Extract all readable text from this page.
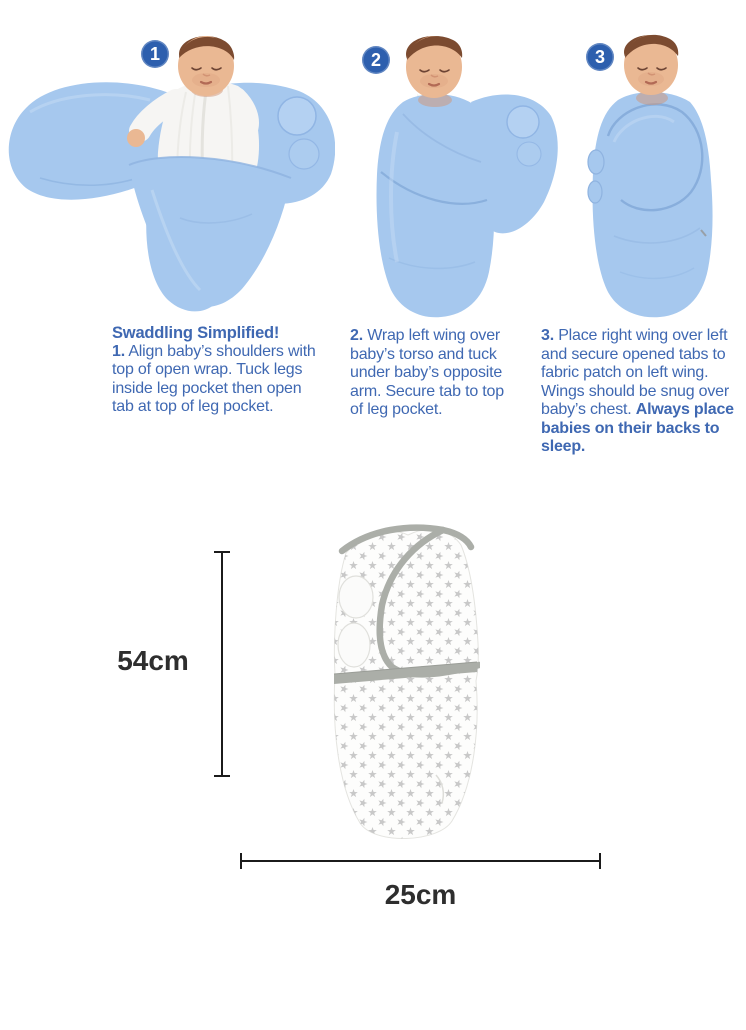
1

Swaddling Simplified!

1. Align baby’s shoulders with top of open wrap. Tuck legs inside leg pocket then open tab at top of leg pocket.

2

2. Wrap left wing over baby’s torso and tuck under baby’s opposite arm. Secure tab to top of leg pocket.

3

3. Place right wing over left and secure opened tabs to fabric patch on left wing. Wings should be snug over baby’s chest. Always place babies on their backs to sleep.

54cm
25cm
